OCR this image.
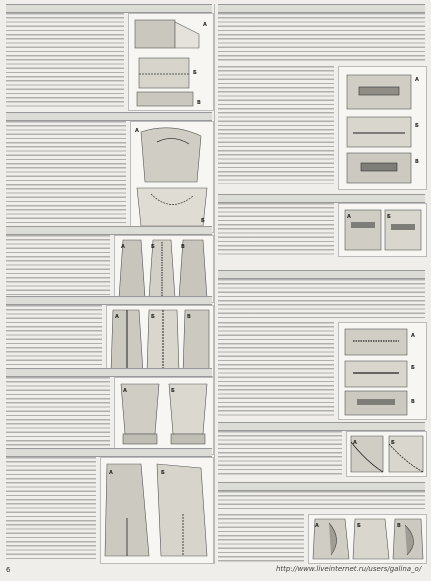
А
Б
В
А
Б
А	Б	В
А	Б	В
А	Б
А	Б
А
Б
В
А	Б
А
Б
В
А	Б
А	Б	В
6	http://www.liveinternet.ru/users/galina_o/
